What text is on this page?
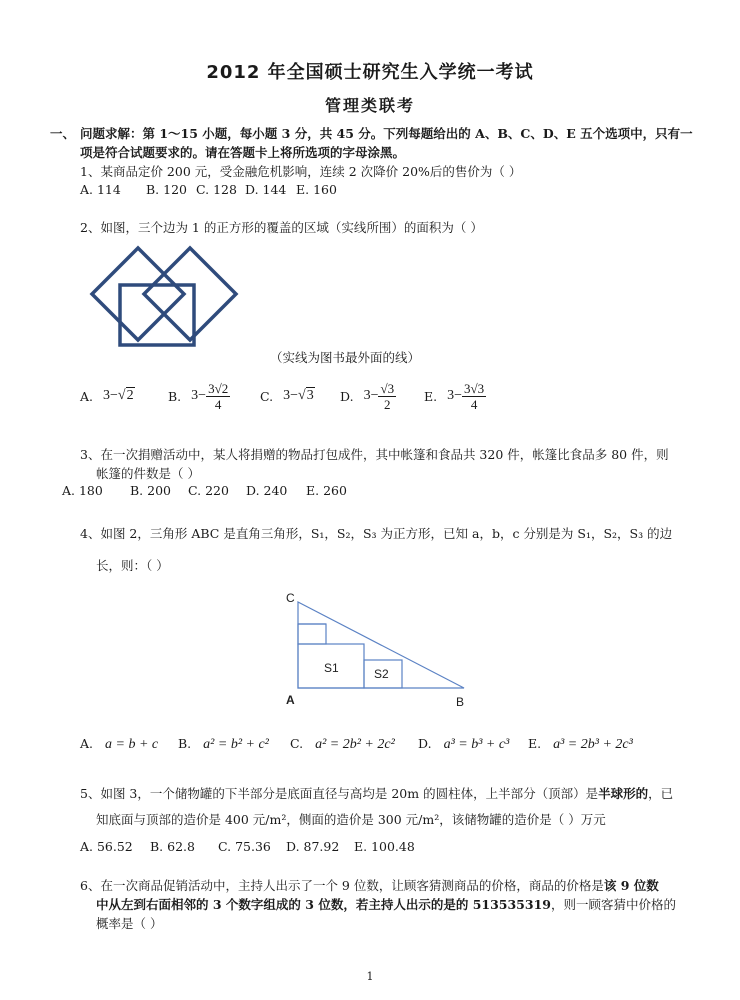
2012 年全国硕士研究生入学统一考试
管理类联考
一、 问题求解：第 1～15 小题，每小题 3 分，共 45 分。下列每题给出的 A、B、C、D、E 五个选项中，只有一
项是符合试题要求的。请在答题卡上将所选项的字母涂黑。
1、某商品定价 200 元，受金融危机影响，连续 2 次降价 20%后的售价为（ ）
A. 114 B. 120 C. 128 D. 144 E. 160
2、如图，三个边为 1 的正方形的覆盖的区域（实线所围）的面积为（ ）
（实线为图书最外面的线）
A. 3− √2	B. $3- \frac{3√2}{4} C$. 3− √3 D. $3- \frac{√3}{2} E$. $3- \frac{3√3}{4}$
3、在一次捐赠活动中，某人将捐赠的物品打包成件，其中帐篷和食品共 320 件，帐篷比食品多 80 件，则
帐篷的件数是（ ）
A. 180 B. 200 C. 220 D. 240 E. 260
4、如图 2，三角形 ABC 是直角三角形，S₁，S₂，S₃ 为正方形，已知 a，b，c 分别是为 S₁，S₂，S₃ 的边
长，则：（ ）
C
A	B
S1	S2
A. a = b + c B. a² = b² + c² C. a² = 2b² + 2c² D. a³ = b³ + c³ E. a³ = 2b³ + 2c³
5、如图 3，一个储物罐的下半部分是底面直径与高均是 20m 的圆柱体，上半部分（顶部）是半球形的，已
知底面与顶部的造价是 400 元/m²，侧面的造价是 300 元/m²，该储物罐的造价是（ ）万元
A. 56.52 B. 62.8 C. 75.36 D. 87.92 E. 100.48
6、在一次商品促销活动中，主持人出示了一个 9 位数，让顾客猜测商品的价格，商品的价格是该 9 位数
中从左到右面相邻的 3 个数字组成的 3 位数，若主持人出示的是的 513535319，则一顾客猜中价格的
概率是（ ）
1
